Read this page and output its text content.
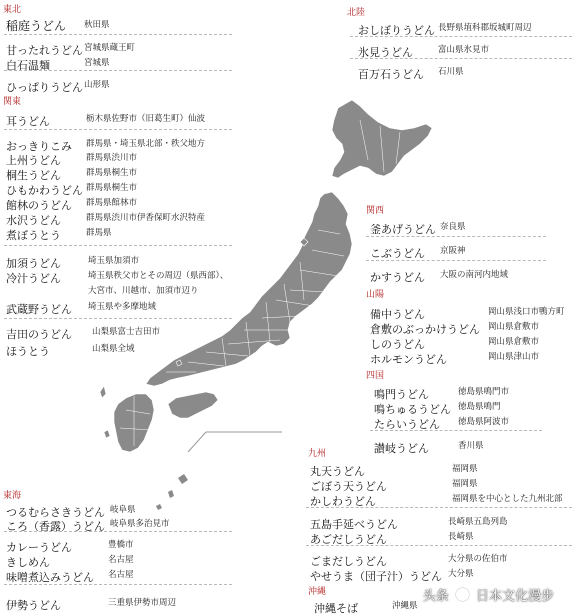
東北
関東
東海
北陸
関西
山陽
四国
九州
沖縄
稲庭うどん 秋田県
甘ったれうどん 宮城県蔵王町
白石温麺	宮城県
ひっぱりうどん 山形県
耳うどん	栃木県佐野市（旧葛生町）仙波
おっきりこみ 群馬県・埼玉県北部・秩父地方
上州うどん	群馬県渋川市
桐生うどん	群馬県桐生市
ひもかわうどん 群馬県桐生市
館林のうどん 群馬県館林市
水沢うどん	群馬県渋川市伊香保町水沢特産
煮ぼうとう	群馬県
加須うどん	埼玉県加須市
冷汁うどん	埼玉県秩父市とその周辺（県西部）、
大宮市、川越市、加須市辺り
武蔵野うどん 埼玉県や多摩地域
吉田のうどん 山梨県富士吉田市
ほうとう	山梨県全域
つるむらさきうどん 岐阜県
ころ（香露）うどん 岐阜県多治見市
カレーうどん	豊橋市
きしめん	名古屋
味噌煮込みうどん 名古屋
伊勢うどん	三重県伊勢市周辺
おしぼりうどん 長野県埴科郡坂城町周辺
氷見うどん	富山県氷見市
百万石うどん 石川県
釜あげうどん 奈良県
こぶうどん 京阪神
かすうどん 大阪の南河内地域
備中うどん	岡山県浅口市鴨方町
倉敷のぶっかけうどん 岡山県倉敷市
しのうどん	岡山県倉敷市
ホルモンうどん	岡山県津山市
鳴門うどん	徳島県鳴門市
鳴ちゅるうどん 徳島県鳴門
たらいうどん 徳島県阿波市
讃岐うどん	香川県
丸天うどん	福岡県
ごぼう天うどん	福岡県
かしわうどん	福岡県を中心とした九州北部
五島手延べうどん	長崎県五島列島
あごだしうどん	長崎県
ごまだしうどん	大分県の佐伯市
やせうま（団子汁）うどん 大分県
沖縄そば	沖縄県
头条 日本文化漫步
